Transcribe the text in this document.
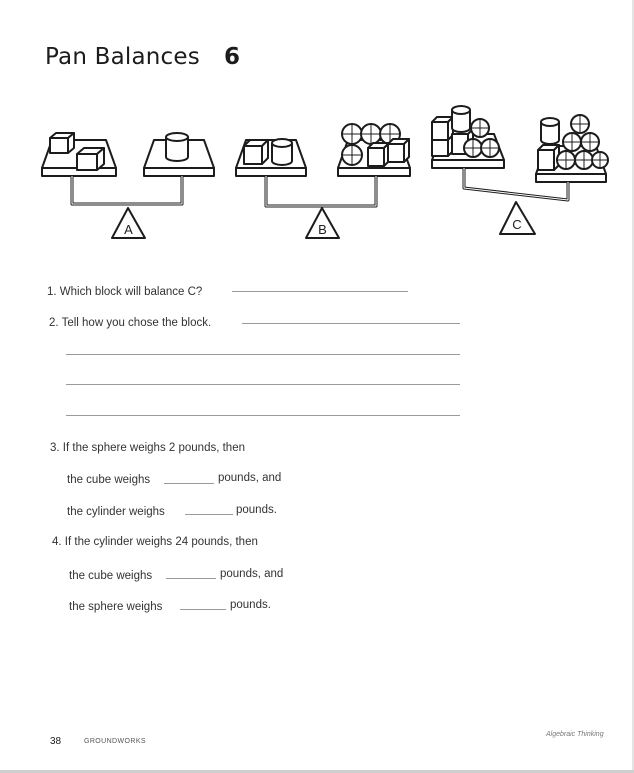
Pan Balances 6
A	B	C
1. Which block will balance C?
2. Tell how you chose the block.
3. If the sphere weighs 2 pounds, then
the cube weighs	pounds, and
the cylinder weighs	pounds.
4. If the cylinder weighs 24 pounds, then
the cube weighs	pounds, and
the sphere weighs	pounds.
38	GROUNDWORKS
Algebraic Thinking
